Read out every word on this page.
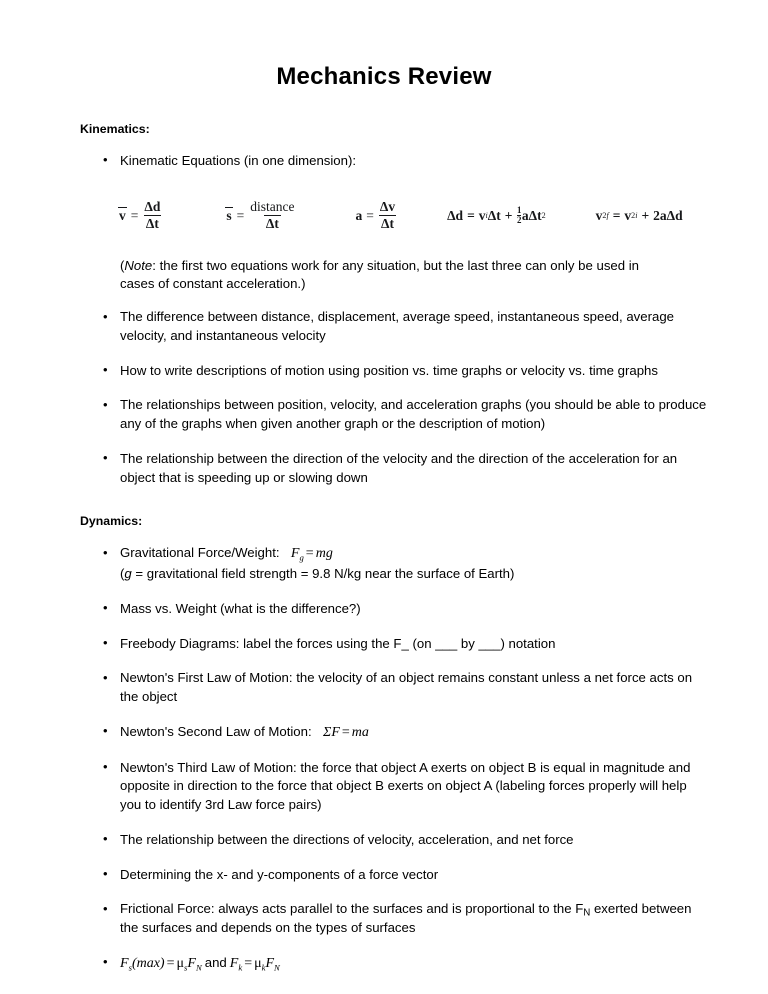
Mechanics Review
Kinematics:
• Kinematic Equations (in one dimension):
$v = \frac{\Delta d}{\Delta t}$	$s = \frac{\text{distance}}{\Delta t}$	$a = \frac{\Delta v}{\Delta t}$	Δd = v i $\Delta t + \frac{1}{2}$ aΔt 2	v 2 f = v 2 i + 2aΔd
(Note: the first two equations work for any situation, but the last three can only be used in cases of constant acceleration.)
• The difference between distance, displacement, average speed, instantaneous speed, average velocity, and instantaneous velocity
• How to write descriptions of motion using position vs. time graphs or velocity vs. time graphs
• The relationships between position, velocity, and acceleration graphs (you should be able to produce any of the graphs when given another graph or the description of motion)
• The relationship between the direction of the velocity and the direction of the acceleration for an object that is speeding up or slowing down
Dynamics:
• Gravitational Force/Weight: $F_g$ = mg
(g = gravitational field strength = 9.8 N/kg near the surface of Earth)
• Mass vs. Weight (what is the difference?)
• Freebody Diagrams: label the forces using the F_ (on ___ by ___) notation
• Newton's First Law of Motion: the velocity of an object remains constant unless a net force acts on the object
• Newton's Second Law of Motion: ΣF = ma
• Newton's Third Law of Motion: the force that object A exerts on object B is equal in magnitude and opposite in direction to the force that object B exerts on object A (labeling forces properly will help you to identify 3rd Law force pairs)
• The relationship between the directions of velocity, acceleration, and net force
• Determining the x- and y-components of a force vector
• Frictional Force: always acts parallel to the surfaces and is proportional to the $F_N$ exerted between the surfaces and depends on the types of surfaces
• $F_s(\max) = \mu_sF_N$ and $F_k = \mu_kF_N$
